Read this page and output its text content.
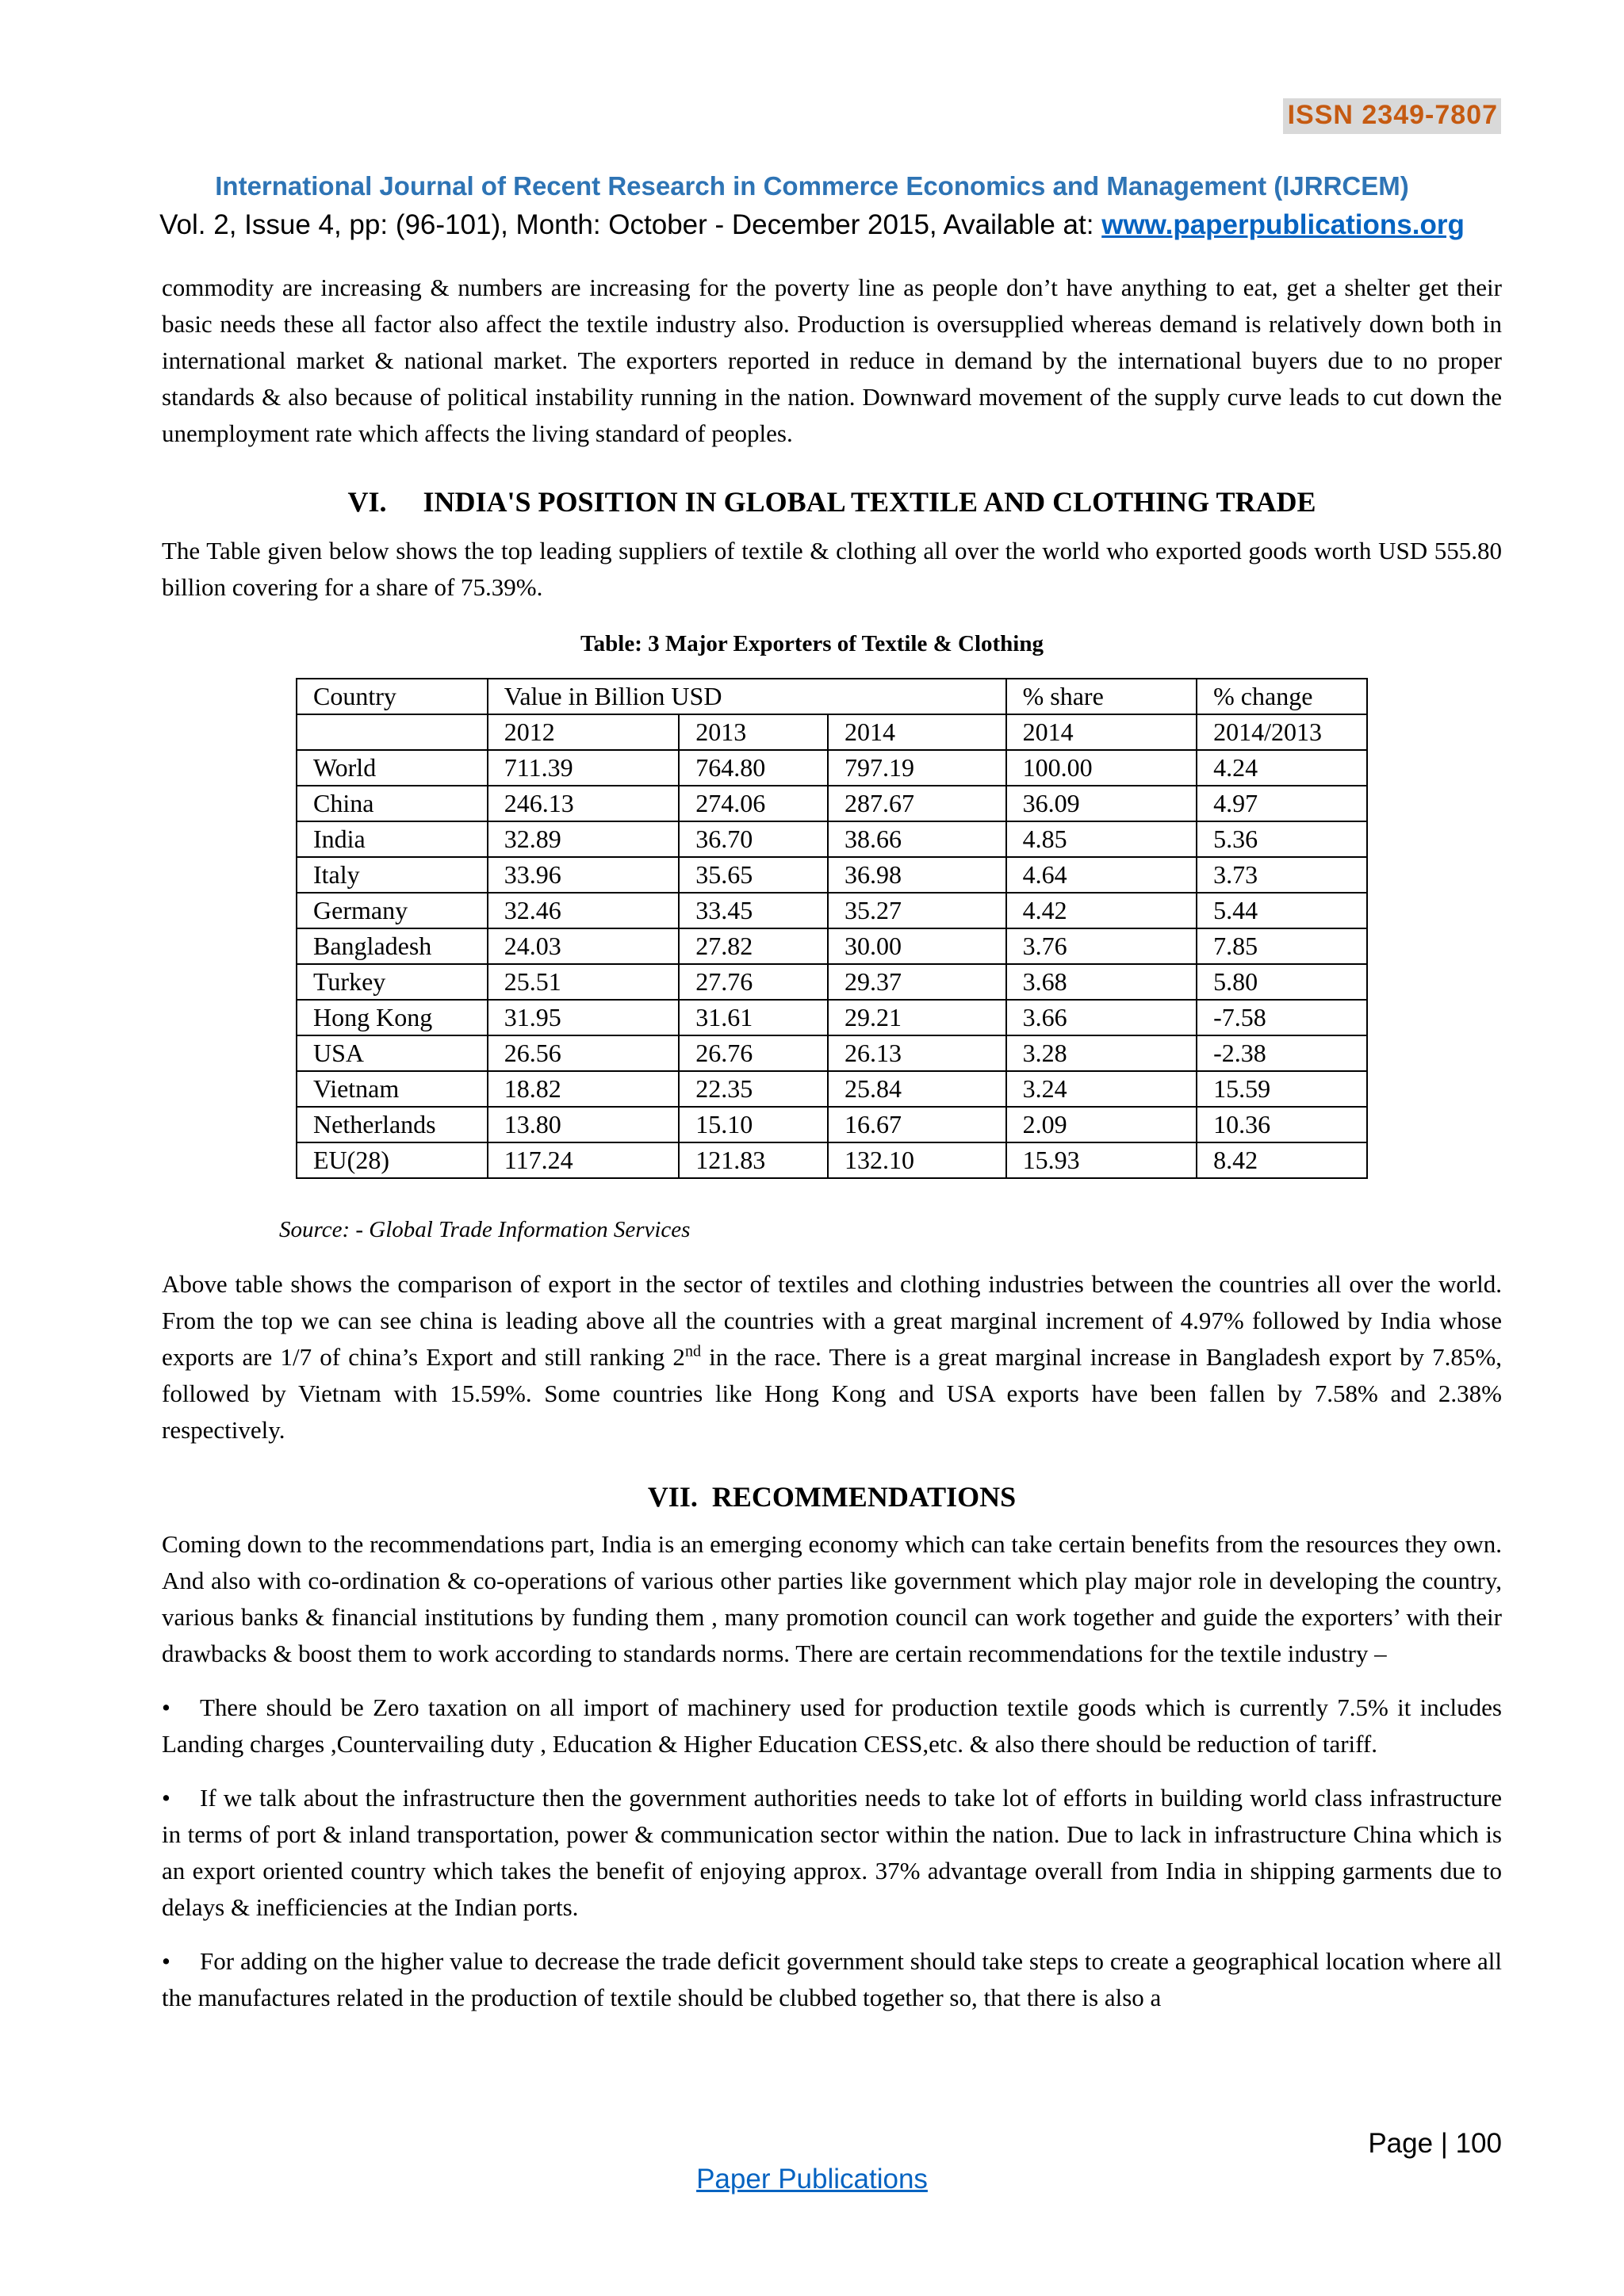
ISSN 2349-7807
International Journal of Recent Research in Commerce Economics and Management (IJRRCEM)
Vol. 2, Issue 4, pp: (96-101), Month: October - December 2015, Available at: www.paperpublications.org

commodity are increasing & numbers are increasing for the poverty line as people don’t have anything to eat, get a shelter get their basic needs these all factor also affect the textile industry also. Production is oversupplied whereas demand is relatively down both in international market & national market. The exporters reported in reduce in demand by the international buyers due to no proper standards & also because of political instability running in the nation. Downward movement of the supply curve leads to cut down the unemployment rate which affects the living standard of peoples.

VI. INDIA'S POSITION IN GLOBAL TEXTILE AND CLOTHING TRADE

The Table given below shows the top leading suppliers of textile & clothing all over the world who exported goods worth USD 555.80 billion covering for a share of 75.39%.

Table: 3 Major Exporters of Textile & Clothing
Country	Value in Billion USD			% share	% change
	2012	2013	2014	2014	2014/2013
World	711.39	764.80	797.19	100.00	4.24
China	246.13	274.06	287.67	36.09	4.97
India	32.89	36.70	38.66	4.85	5.36
Italy	33.96	35.65	36.98	4.64	3.73
Germany	32.46	33.45	35.27	4.42	5.44
Bangladesh	24.03	27.82	30.00	3.76	7.85
Turkey	25.51	27.76	29.37	3.68	5.80
Hong Kong	31.95	31.61	29.21	3.66	-7.58
USA	26.56	26.76	26.13	3.28	-2.38
Vietnam	18.82	22.35	25.84	3.24	15.59
Netherlands	13.80	15.10	16.67	2.09	10.36
EU(28)	117.24	121.83	132.10	15.93	8.42
Source: - Global Trade Information Services

Above table shows the comparison of export in the sector of textiles and clothing industries between the countries all over the world. From the top we can see china is leading above all the countries with a great marginal increment of 4.97% followed by India whose exports are 1/7 of china’s Export and still ranking 2nd in the race. There is a great marginal increase in Bangladesh export by 7.85%, followed by Vietnam with 15.59%. Some countries like Hong Kong and USA exports have been fallen by 7.58% and 2.38% respectively.

VII. RECOMMENDATIONS

Coming down to the recommendations part, India is an emerging economy which can take certain benefits from the resources they own. And also with co-ordination & co-operations of various other parties like government which play major role in developing the country, various banks & financial institutions by funding them , many promotion council can work together and guide the exporters’ with their drawbacks & boost them to work according to standards norms. There are certain recommendations for the textile industry –

• There should be Zero taxation on all import of machinery used for production textile goods which is currently 7.5% it includes Landing charges ,Countervailing duty , Education & Higher Education CESS,etc. & also there should be reduction of tariff.

• If we talk about the infrastructure then the government authorities needs to take lot of efforts in building world class infrastructure in terms of port & inland transportation, power & communication sector within the nation. Due to lack in infrastructure China which is an export oriented country which takes the benefit of enjoying approx. 37% advantage overall from India in shipping garments due to delays & inefficiencies at the Indian ports.

• For adding on the higher value to decrease the trade deficit government should take steps to create a geographical location where all the manufactures related in the production of textile should be clubbed together so, that there is also a

Page | 100
Paper Publications
